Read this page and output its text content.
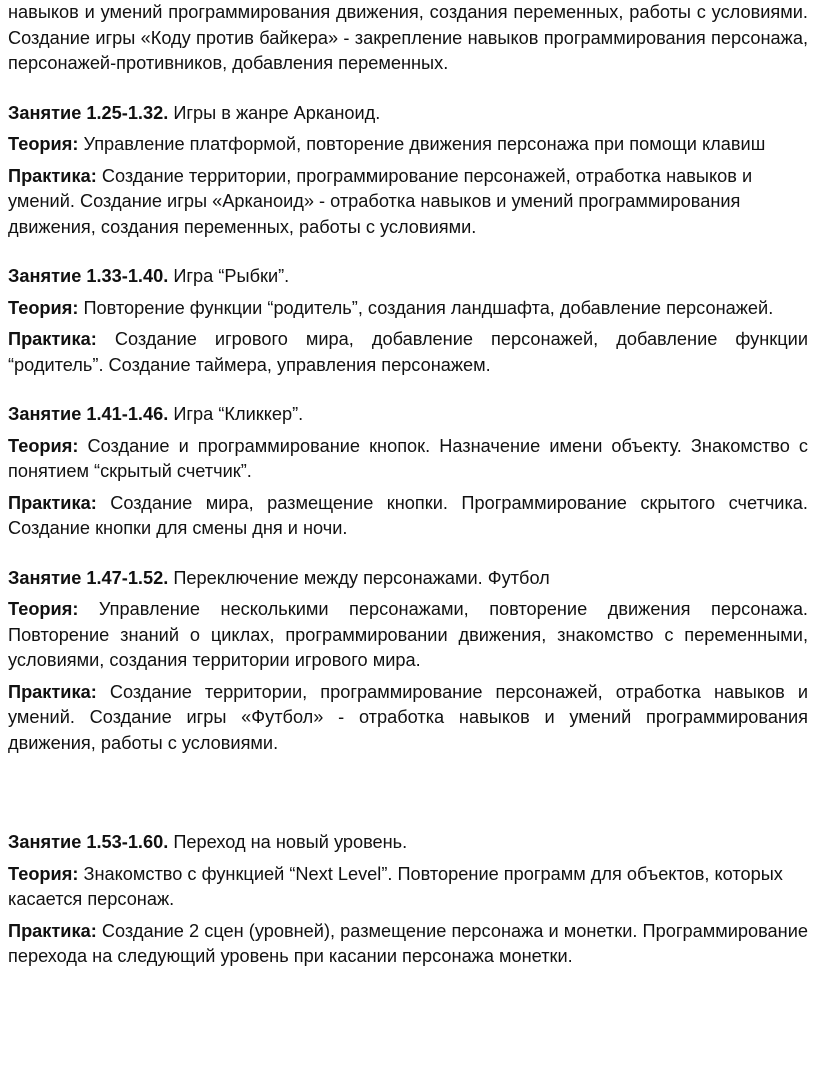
навыков и умений программирования движения, создания переменных, работы с условиями. Создание игры «Коду против байкера» - закрепление навыков программирования персонажа, персонажей-противников, добавления переменных.

Занятие 1.25-1.32. Игры в жанре Арканоид.

Теория: Управление платформой, повторение движения персонажа при помощи клавиш

Практика: Создание территории, программирование персонажей, отработка навыков и умений. Создание игры «Арканоид» - отработка навыков и умений программирования движения, создания переменных, работы с условиями.

Занятие 1.33-1.40. Игра “Рыбки”.

Теория: Повторение функции “родитель”, создания ландшафта, добавление персонажей.

Практика: Создание игрового мира, добавление персонажей, добавление функции “родитель”. Создание таймера, управления персонажем.

Занятие 1.41-1.46. Игра “Кликкер”.

Теория: Создание и программирование кнопок. Назначение имени объекту. Знакомство с понятием “скрытый счетчик”.

Практика: Создание мира, размещение кнопки. Программирование скрытого счетчика. Создание кнопки для смены дня и ночи.

Занятие 1.47-1.52. Переключение между персонажами. Футбол

Теория: Управление несколькими персонажами, повторение движения персонажа. Повторение знаний о циклах, программировании движения, знакомство с переменными, условиями, создания территории игрового мира.

Практика: Создание территории, программирование персонажей, отработка навыков и умений. Создание игры «Футбол» - отработка навыков и умений программирования движения, работы с условиями.

Занятие 1.53-1.60. Переход на новый уровень.

Теория: Знакомство с функцией “Next Level”. Повторение программ для объектов, которых касается персонаж.

Практика: Создание 2 сцен (уровней), размещение персонажа и монетки. Программирование перехода на следующий уровень при касании персонажа монетки.
